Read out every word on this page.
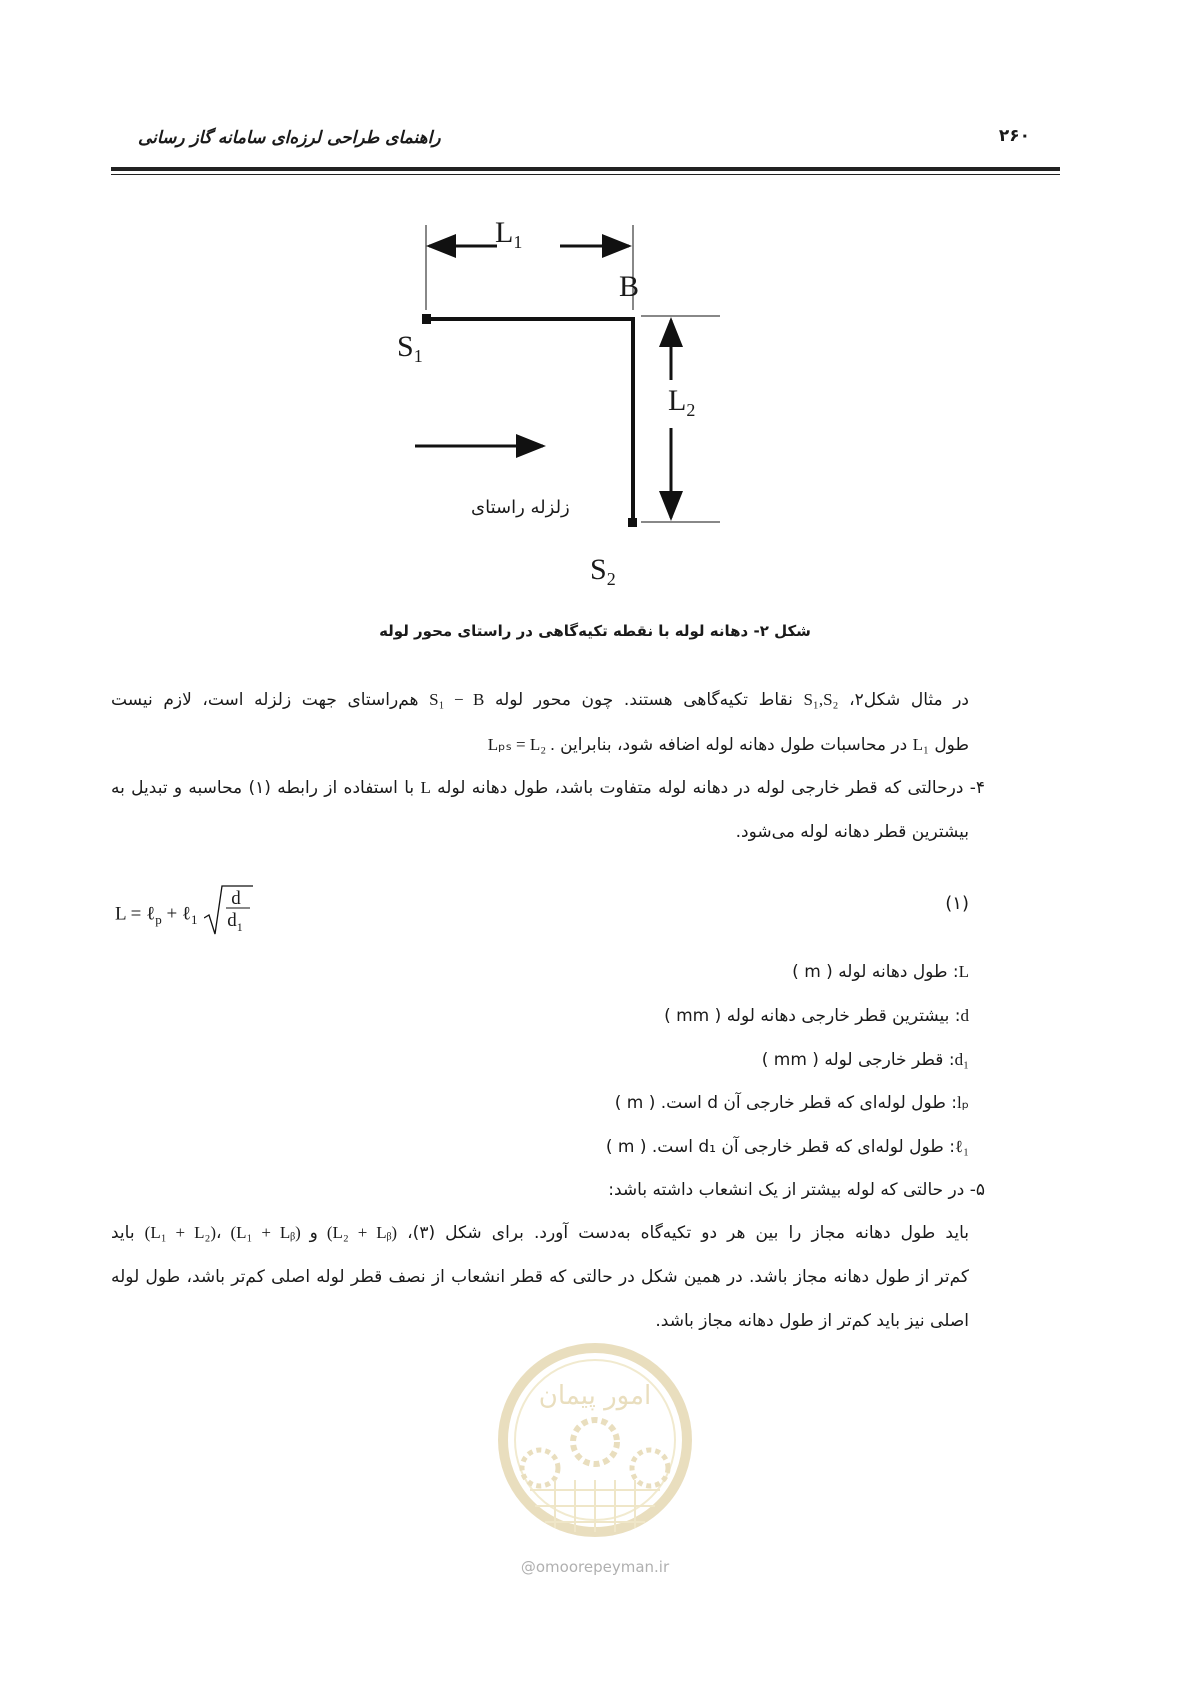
راهنمای طراحی لرزه‌ای سامانه گاز رسانی	۲۶۰
$L_1$
B
$S_1$
$L_2$
$S_2$
زلزله راستای
شکل ۲- دهانه لوله با نقطه تکیه‌گاهی در راستای محور لوله
در مثال شکل۲، S₁,S₂ نقاط تکیه‌گاهی هستند. چون محور لوله S₁ − B هم‌راستای جهت زلزله است، لازم نیست
طول L₁ در محاسبات طول دهانه لوله اضافه شود، بنابراین Lₚₛ = L₂ .
۴- درحالتی که قطر خارجی لوله در دهانه لوله متفاوت باشد، طول دهانه لوله L با استفاده از رابطه (۱) محاسبه و تبدیل به
بیشترین قطر دهانه لوله می‌شود.
L = ℓ$_p$ + ℓ$_1$
d
$d_1$
(۱)
L: طول دهانه لوله ( m )
d: بیشترین قطر خارجی دهانه لوله ( mm )
d₁: قطر خارجی لوله ( mm )
lₚ: طول لوله‌ای که قطر خارجی آن d است. ( m )
ℓ₁: طول لوله‌ای که قطر خارجی آن d₁ است. ( m )
۵- در حالتی که لوله بیشتر از یک انشعاب داشته باشد:
باید طول دهانه مجاز را بین هر دو تکیه‌گاه به‌دست آورد. برای شکل (۳)، (L₁ + L₂)، (L₁ + Lᵦ) و (L₂ + Lᵦ) باید
کم‌تر از طول دهانه مجاز باشد. در همین شکل در حالتی که قطر انشعاب از نصف قطر لوله اصلی کم‌تر باشد، طول لوله
اصلی نیز باید کم‌تر از طول دهانه مجاز باشد.
امور پیمان
@omoorepeyman.ir
